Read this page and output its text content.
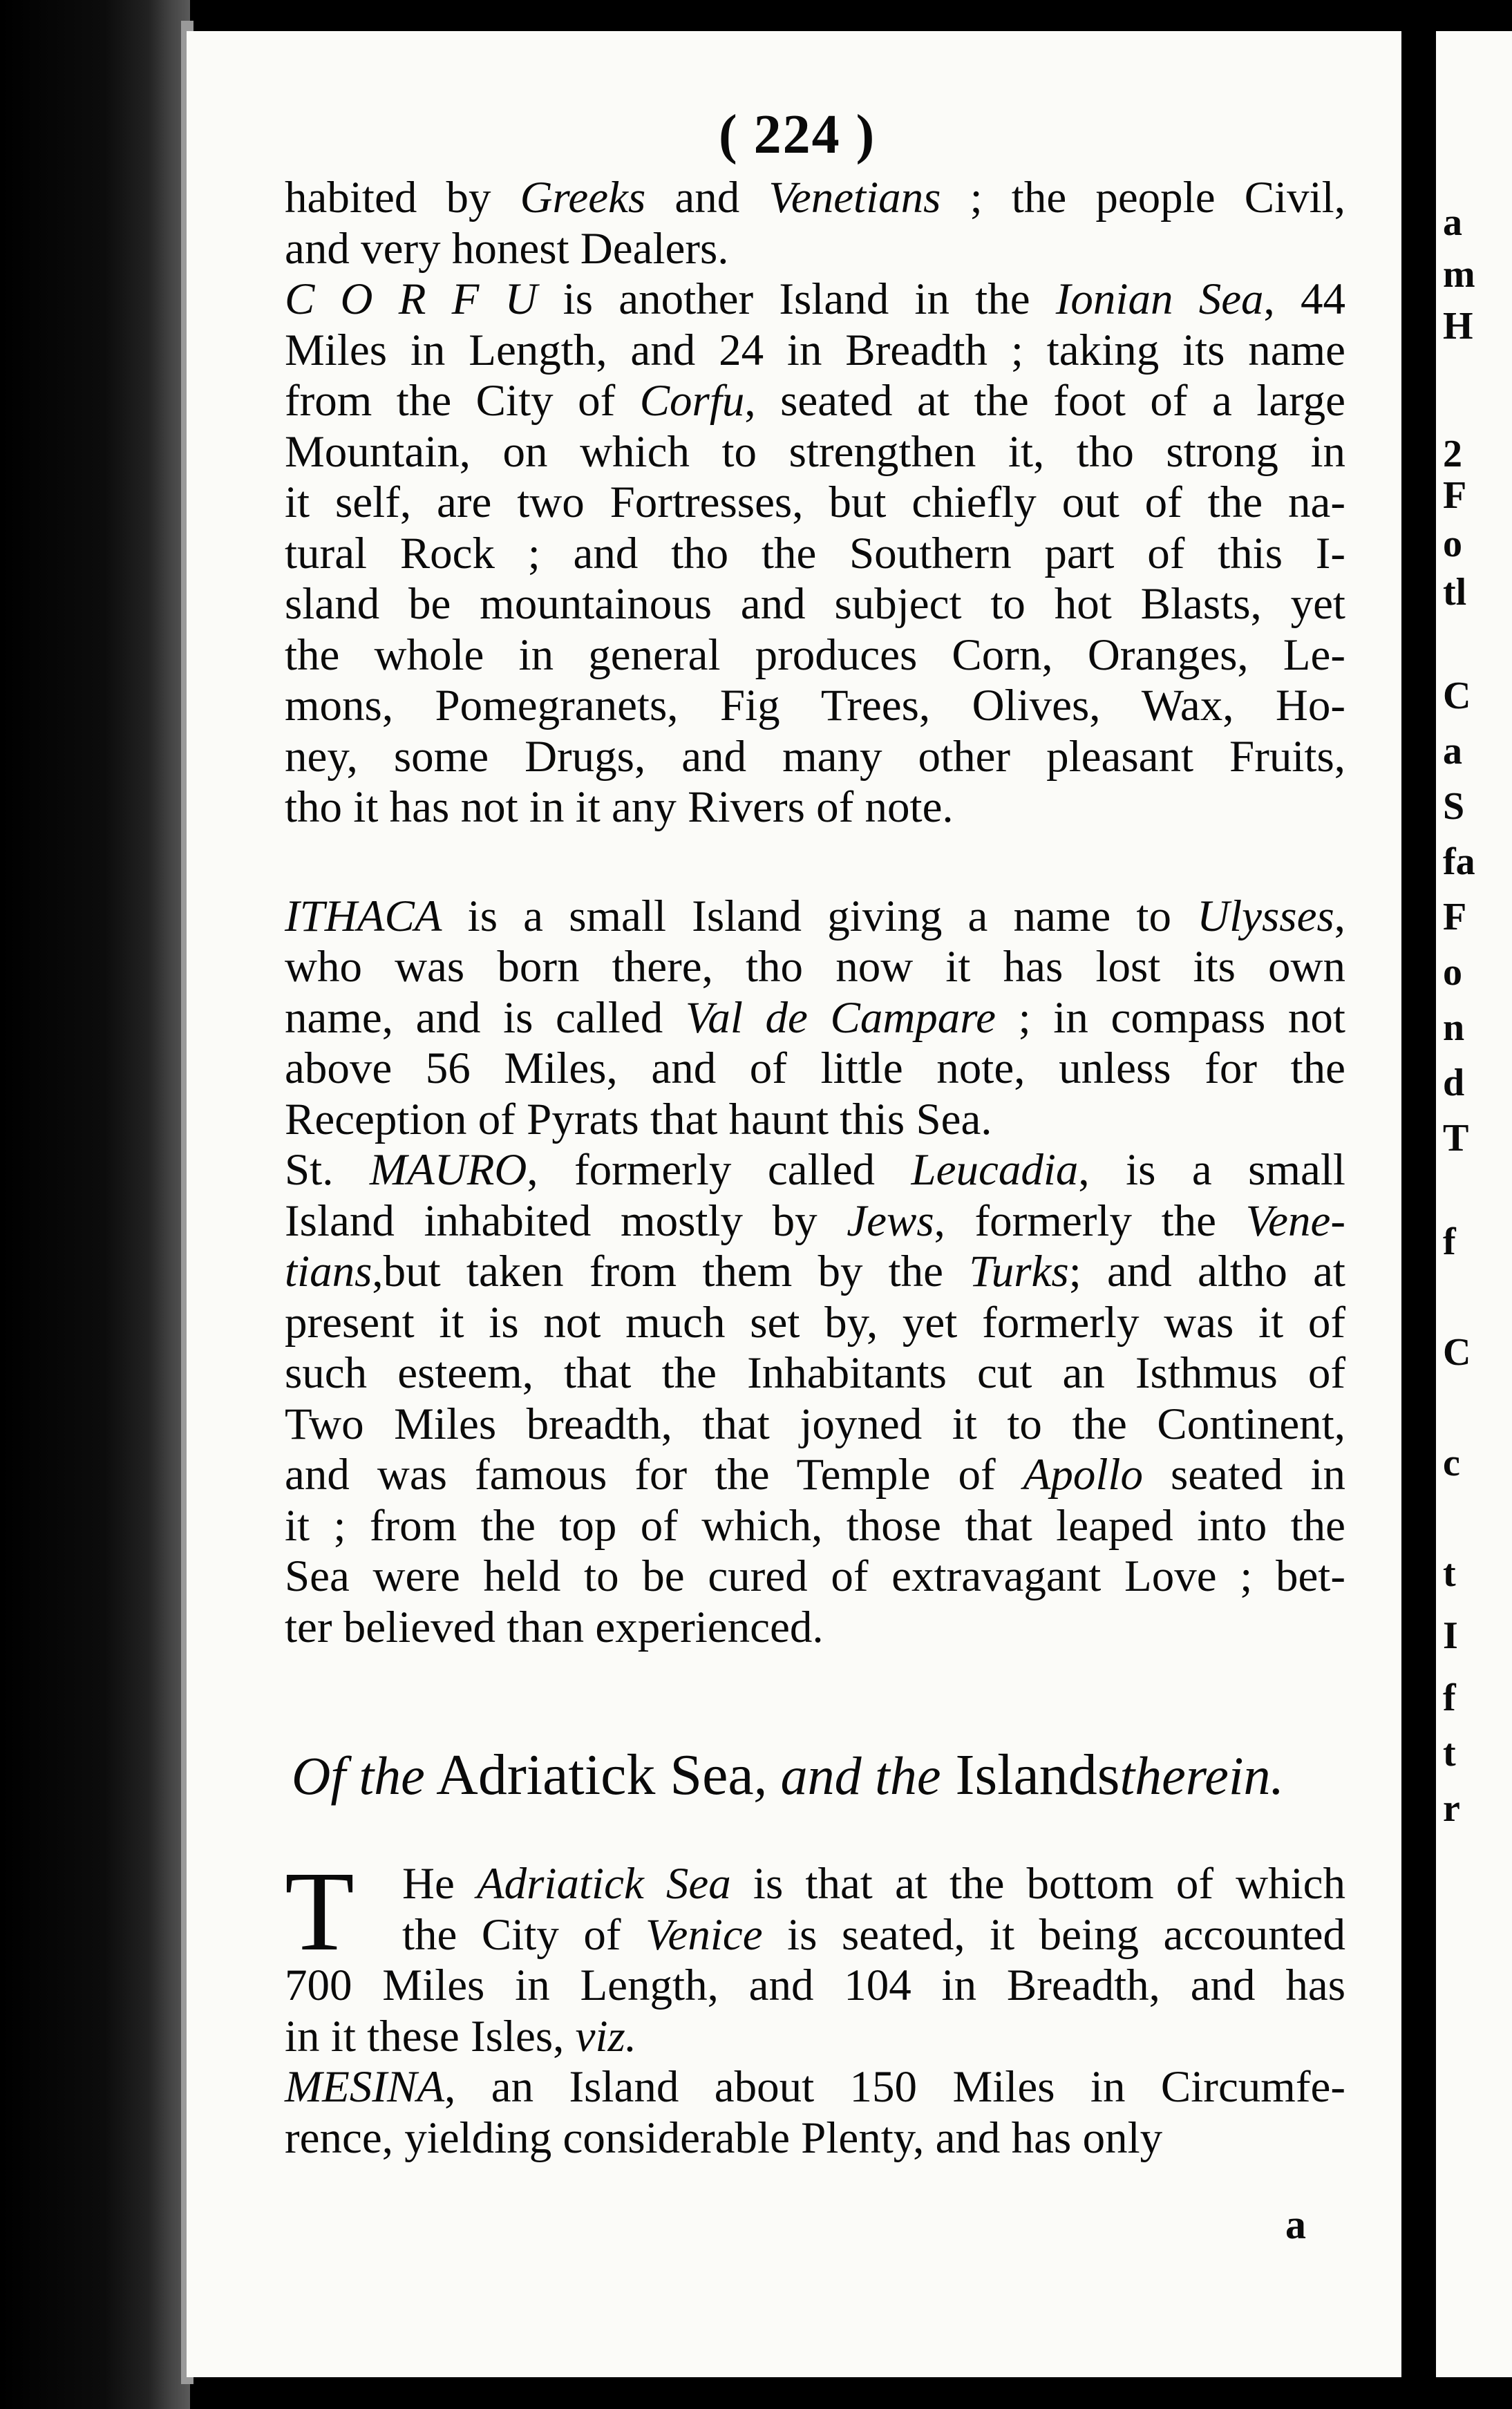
a
m
H
2
F
o
tl
C
a
S
fa
F
o
n
d
T
f
C
c
t
I
f
t
r
( 224 )
habited by Greeks and Venetians ; the people Civil,
and very honest Dealers.
C O R F U is another Island in the Ionian Sea, 44
Miles in Length, and 24 in Breadth ; taking its name
from the City of Corfu, seated at the foot of a large
Mountain, on which to strengthen it, tho strong in
it self, are two Fortresses, but chiefly out of the na-
tural Rock ; and tho the Southern part of this I-
sland be mountainous and subject to hot Blasts, yet
the whole in general produces Corn, Oranges, Le-
mons, Pomegranets, Fig Trees, Olives, Wax, Ho-
ney, some Drugs, and many other pleasant Fruits,
tho it has not in it any Rivers of note.
ITHACA is a small Island giving a name to Ulysses,
who was born there, tho now it has lost its own
name, and is called Val de Campare ; in compass not
above 56 Miles, and of little note, unless for the
Reception of Pyrats that haunt this Sea.
St. MAURO, formerly called Leucadia, is a small
Island inhabited mostly by Jews, formerly the Vene-
tians,but taken from them by the Turks; and altho at
present it is not much set by, yet formerly was it of
such esteem, that the Inhabitants cut an Isthmus of
Two Miles breadth, that joyned it to the Continent,
and was famous for the Temple of Apollo seated in
it ; from the top of which, those that leaped into the
Sea were held to be cured of extravagant Love ; bet-
ter believed than experienced.
Of the Adriatick Sea, and the Islandstherein.
T	He Adriatick Sea is that at the bottom of which
the City of Venice is seated, it being accounted
700 Miles in Length, and 104 in Breadth, and has
in it these Isles, viz.
MESINA, an Island about 150 Miles in Circumfe-
rence, yielding considerable Plenty, and has only
a
